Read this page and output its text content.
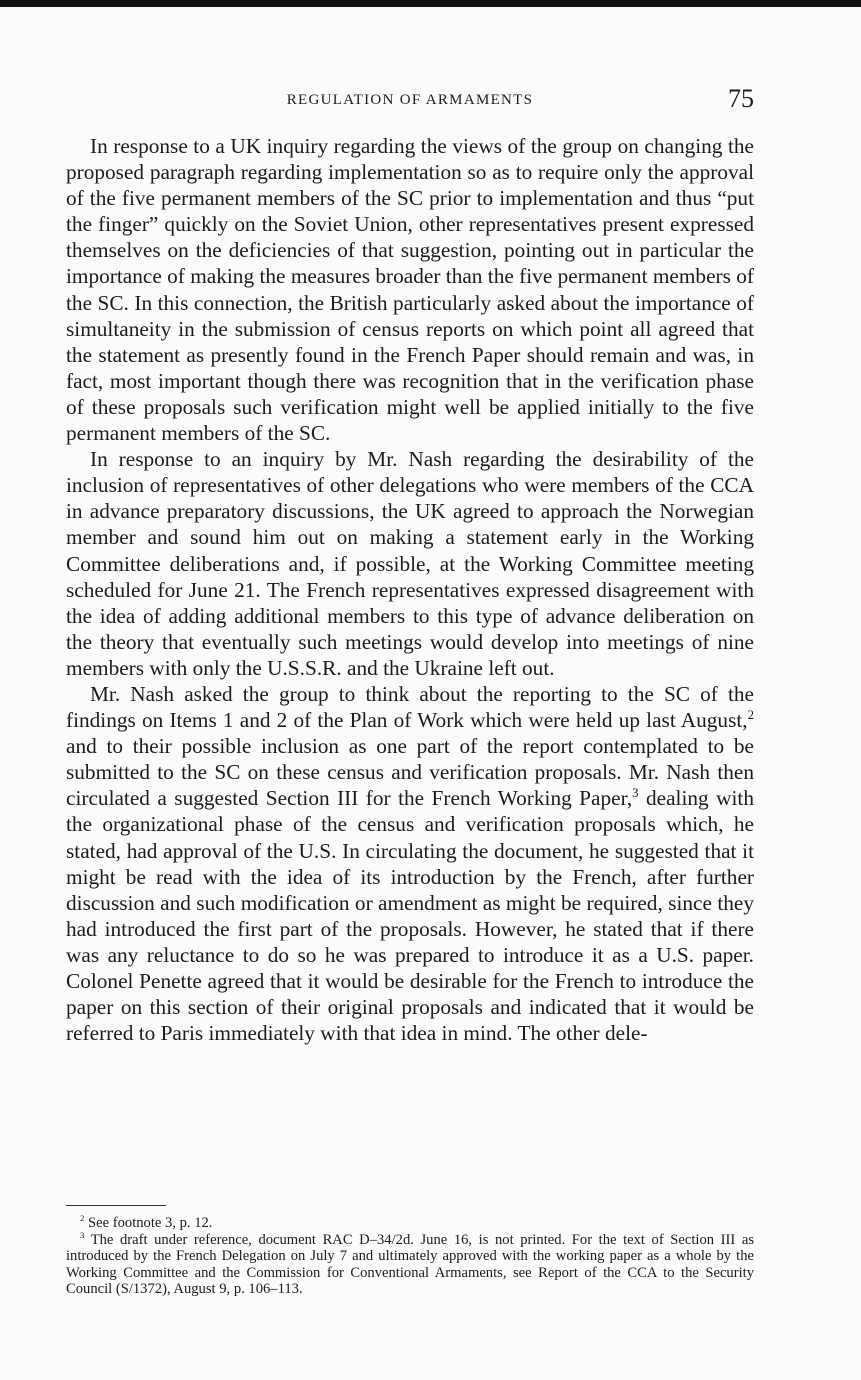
REGULATION OF ARMAMENTS	75

In response to a UK inquiry regarding the views of the group on changing the proposed paragraph regarding implementation so as to require only the approval of the five permanent members of the SC prior to implementation and thus “put the finger” quickly on the Soviet Union, other representatives present expressed themselves on the deficiencies of that suggestion, pointing out in particular the importance of making the measures broader than the five permanent members of the SC. In this connection, the British particularly asked about the importance of simultaneity in the submission of census reports on which point all agreed that the statement as presently found in the French Paper should remain and was, in fact, most important though there was recognition that in the verification phase of these proposals such verification might well be applied initially to the five permanent members of the SC.

In response to an inquiry by Mr. Nash regarding the desirability of the inclusion of representatives of other delegations who were members of the CCA in advance preparatory discussions, the UK agreed to approach the Norwegian member and sound him out on making a statement early in the Working Committee deliberations and, if possible, at the Working Committee meeting scheduled for June 21. The French representatives expressed disagreement with the idea of adding additional members to this type of advance deliberation on the theory that eventually such meetings would develop into meetings of nine members with only the U.S.S.R. and the Ukraine left out.

Mr. Nash asked the group to think about the reporting to the SC of the findings on Items 1 and 2 of the Plan of Work which were held up last August,$^2$ and to their possible inclusion as one part of the report contemplated to be submitted to the SC on these census and verification proposals. Mr. Nash then circulated a suggested Section III for the French Working Paper,$^3$ dealing with the organizational phase of the census and verification proposals which, he stated, had approval of the U.S. In circulating the document, he suggested that it might be read with the idea of its introduction by the French, after further discussion and such modification or amendment as might be required, since they had introduced the first part of the proposals. However, he stated that if there was any reluctance to do so he was prepared to introduce it as a U.S. paper. Colonel Penette agreed that it would be desirable for the French to introduce the paper on this section of their original proposals and indicated that it would be referred to Paris immediately with that idea in mind. The other dele-

$^2$ See footnote 3, p. 12.

$^3$ The draft under reference, document RAC D–34/2d. June 16, is not printed. For the text of Section III as introduced by the French Delegation on July 7 and ultimately approved with the working paper as a whole by the Working Committee and the Commission for Conventional Armaments, see Report of the CCA to the Security Council (S/1372), August 9, p. 106–113.
